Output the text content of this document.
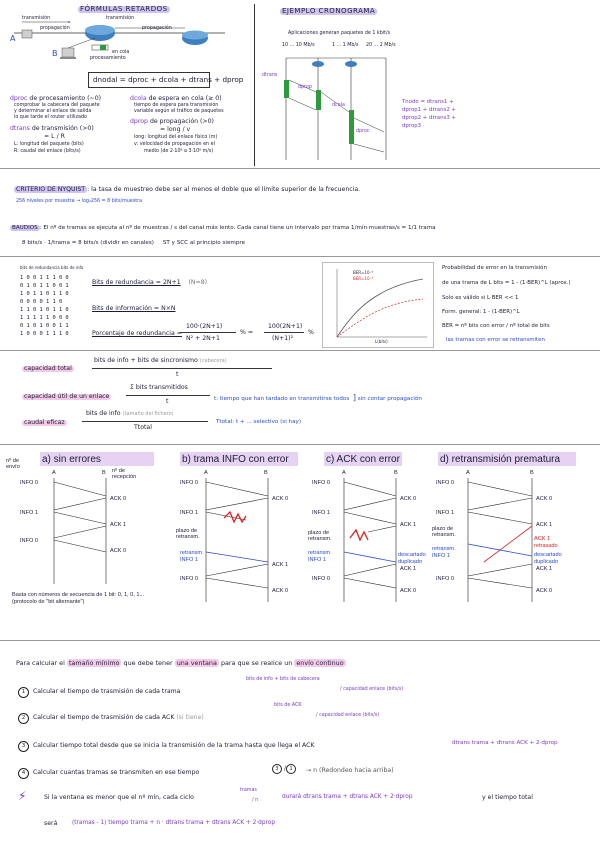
FÓRMULAS RETARDOS
transmisión
propagación
transmisión
propagación
procesamiento
en cola
A
B
dnodal = dproc + dcola + dtrans + dprop
dproc de procesamiento (~0)
comprobar la cabecera del paquete
y determinar el enlace de salida
lo que tarde el router utilizado
dtrans de transmisión (>0)
= L / R
L: longitud del paquete (bits)
R: caudal del enlace (bits/s)
dcola de espera en cola (≥ 0)
tiempo de espera para transmisión
variable según el tráfico de paquetes
dprop de propagación (>0)
= long / v
long: longitud del enlace físico (m)
v: velocidad de propagación en el
medio (de 2·10⁸ a 3·10⁸ m/s)
EJEMPLO CRONOGRAMA
Aplicaciones generan paquetes de 1 kbit/s
10 ... 10 Mb/s	1 ... 1 Mb/s 20 ... 2 Mb/s
dtrans
dprop
dcola
dproc
Tnodo = dtrans1 + dprop1 + dtrans2 + dprop2 + dtrans3 + dprop3
CRITERIO DE NYQUIST : la tasa de muestreo debe ser al menos el doble que el límite superior de la frecuencia.
256 niveles por muestra → log₂256 = 8 bits/muestra
BAUDIOS : El nº de tramas se ejecuta al nº de muestras / s del canal más lento. Cada canal tiene un intervalo por trama 1/mín·muestras/s = 1/1 trama
8 bits/s · 1/trama = 8 bits/s (dividir en canales) ST y SCC al principio siempre
bits de redundancia bits de info
1 0 0 1 1 1 0 0
0 1 0 1 1 0 0 1
1 0 1 1 0 1 1 0
0 0 0 0 1 1 0
1 1 0 1 0 1 1 0
1 1 1 1 1 0 0 0
0 1 0 1 0 0 1 1
1 0 0 0 1 1 1 0
Bits de redundancia = 2N+1 (N=8)
Bits de información = N×N
Porcentaje de redundancia =
100·(2N+1)
N² + 2N+1
% =
100(2N+1)
(N+1)²
%
BER=10⁻⁶
BER=10⁻⁵
L(bits)
Probabilidad de error en la transmisión
de una trama de L bits = 1 - (1-BER)^L (aprox.)
Solo es válido si L·BER << 1
Form. general: 1 - (1-BER)^L
BER = nº bits con error / nº total de bits
las tramas con error se retransmiten
capacidad total
bits de info + bits de sincronismo (cabecera)
t
capacidad útil de un enlace
Σ bits transmitidos
t	t: tiempo que han tardado en transmitirse todos ] sin contar propagación
caudal eficaz
bits de info (tamaño del fichero)
Ttotal
Ttotal: t + ... selectivo (si hay)
a) sin errores
nº de envío
nº de recepción
A	B
INFO 0
ACK 0
INFO 1
ACK 1
INFO 0
ACK 0
Basta con números de secuencia de 1 bit: 0, 1, 0, 1... (protocolo de "bit alternante")
b) trama INFO con error
A	B
INFO 0
ACK 0
INFO 1
plazo de retransm.
retransm.
INFO 1
ACK 1
INFO 0
ACK 0
c) ACK con error
A	B
INFO 0
ACK 0
INFO 1
ACK 1
plazo de retransm.
retransm.
INFO 1
descartado
duplicado
ACK 1
INFO 0
ACK 0
d) retransmisión prematura
A	B
INFO 0
ACK 0
INFO 1
ACK 1
plazo de retransm.
ACK 1
retrasado
retransm.
INFO 1	descartado
duplicado
ACK 1
INFO 0
ACK 0
Para calcular el tamaño mínimo que debe tener una ventana para que se realice un envío continuo
1 Calcular el tiempo de trasmisión de cada trama
bits de info + bits de cabecera
/ capacidad enlace (bits/s)
2 Calcular el tiempo de trasmisión de cada ACK (si tiene)
bits de ACK
/ capacidad enlace (bits/s)
3 Calcular tiempo total desde que se inicia la transmisión de la trama hasta que llega el ACK	dtrans trama + dtrans ACK + 2·dprop
4 Calcular cuantas tramas se transmiten en ese tiempo	3 / 1	→ n (Redondeo hacia arriba)
⚡	Si la ventana es menor que el nº mín, cada ciclo
tramas
/ n
durará dtrans trama + dtrans ACK + 2·dprop	y el tiempo total
será	(tramas - 1) tiempo trama + n · dtrans trama + dtrans ACK + 2·dprop
